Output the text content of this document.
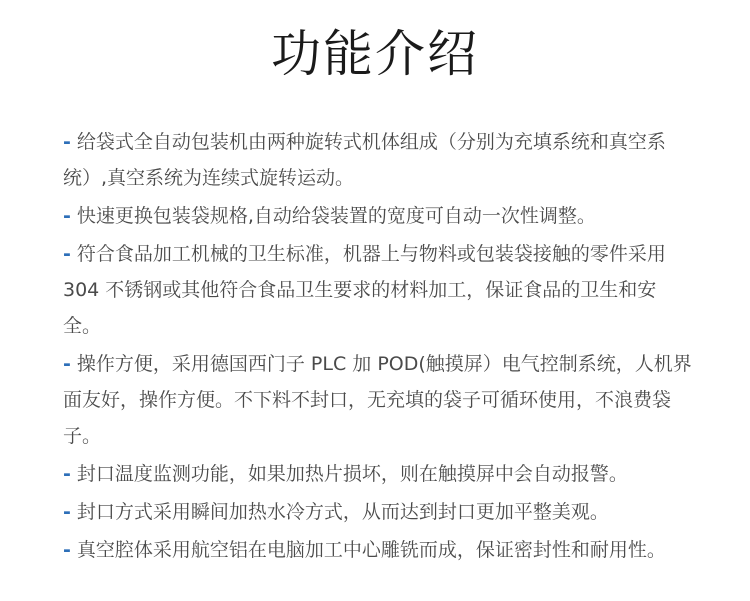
功能介绍
- 给袋式全自动包装机由两种旋转式机体组成（分别为充填系统和真空系统）,真空系统为连续式旋转运动。
- 快速更换包装袋规格,自动给袋装置的宽度可自动一次性调整。
- 符合食品加工机械的卫生标准，机器上与物料或包装袋接触的零件采用 304 不锈钢或其他符合食品卫生要求的材料加工，保证食品的卫生和安全。
- 操作方便，采用德国西门子 PLC 加 POD(触摸屏）电气控制系统，人机界面友好，操作方便。不下料不封口，无充填的袋子可循环使用，不浪费袋子。
- 封口温度监测功能，如果加热片损坏，则在触摸屏中会自动报警。
- 封口方式采用瞬间加热水冷方式，从而达到封口更加平整美观。
- 真空腔体采用航空铝在电脑加工中心雕铣而成，保证密封性和耐用性。
